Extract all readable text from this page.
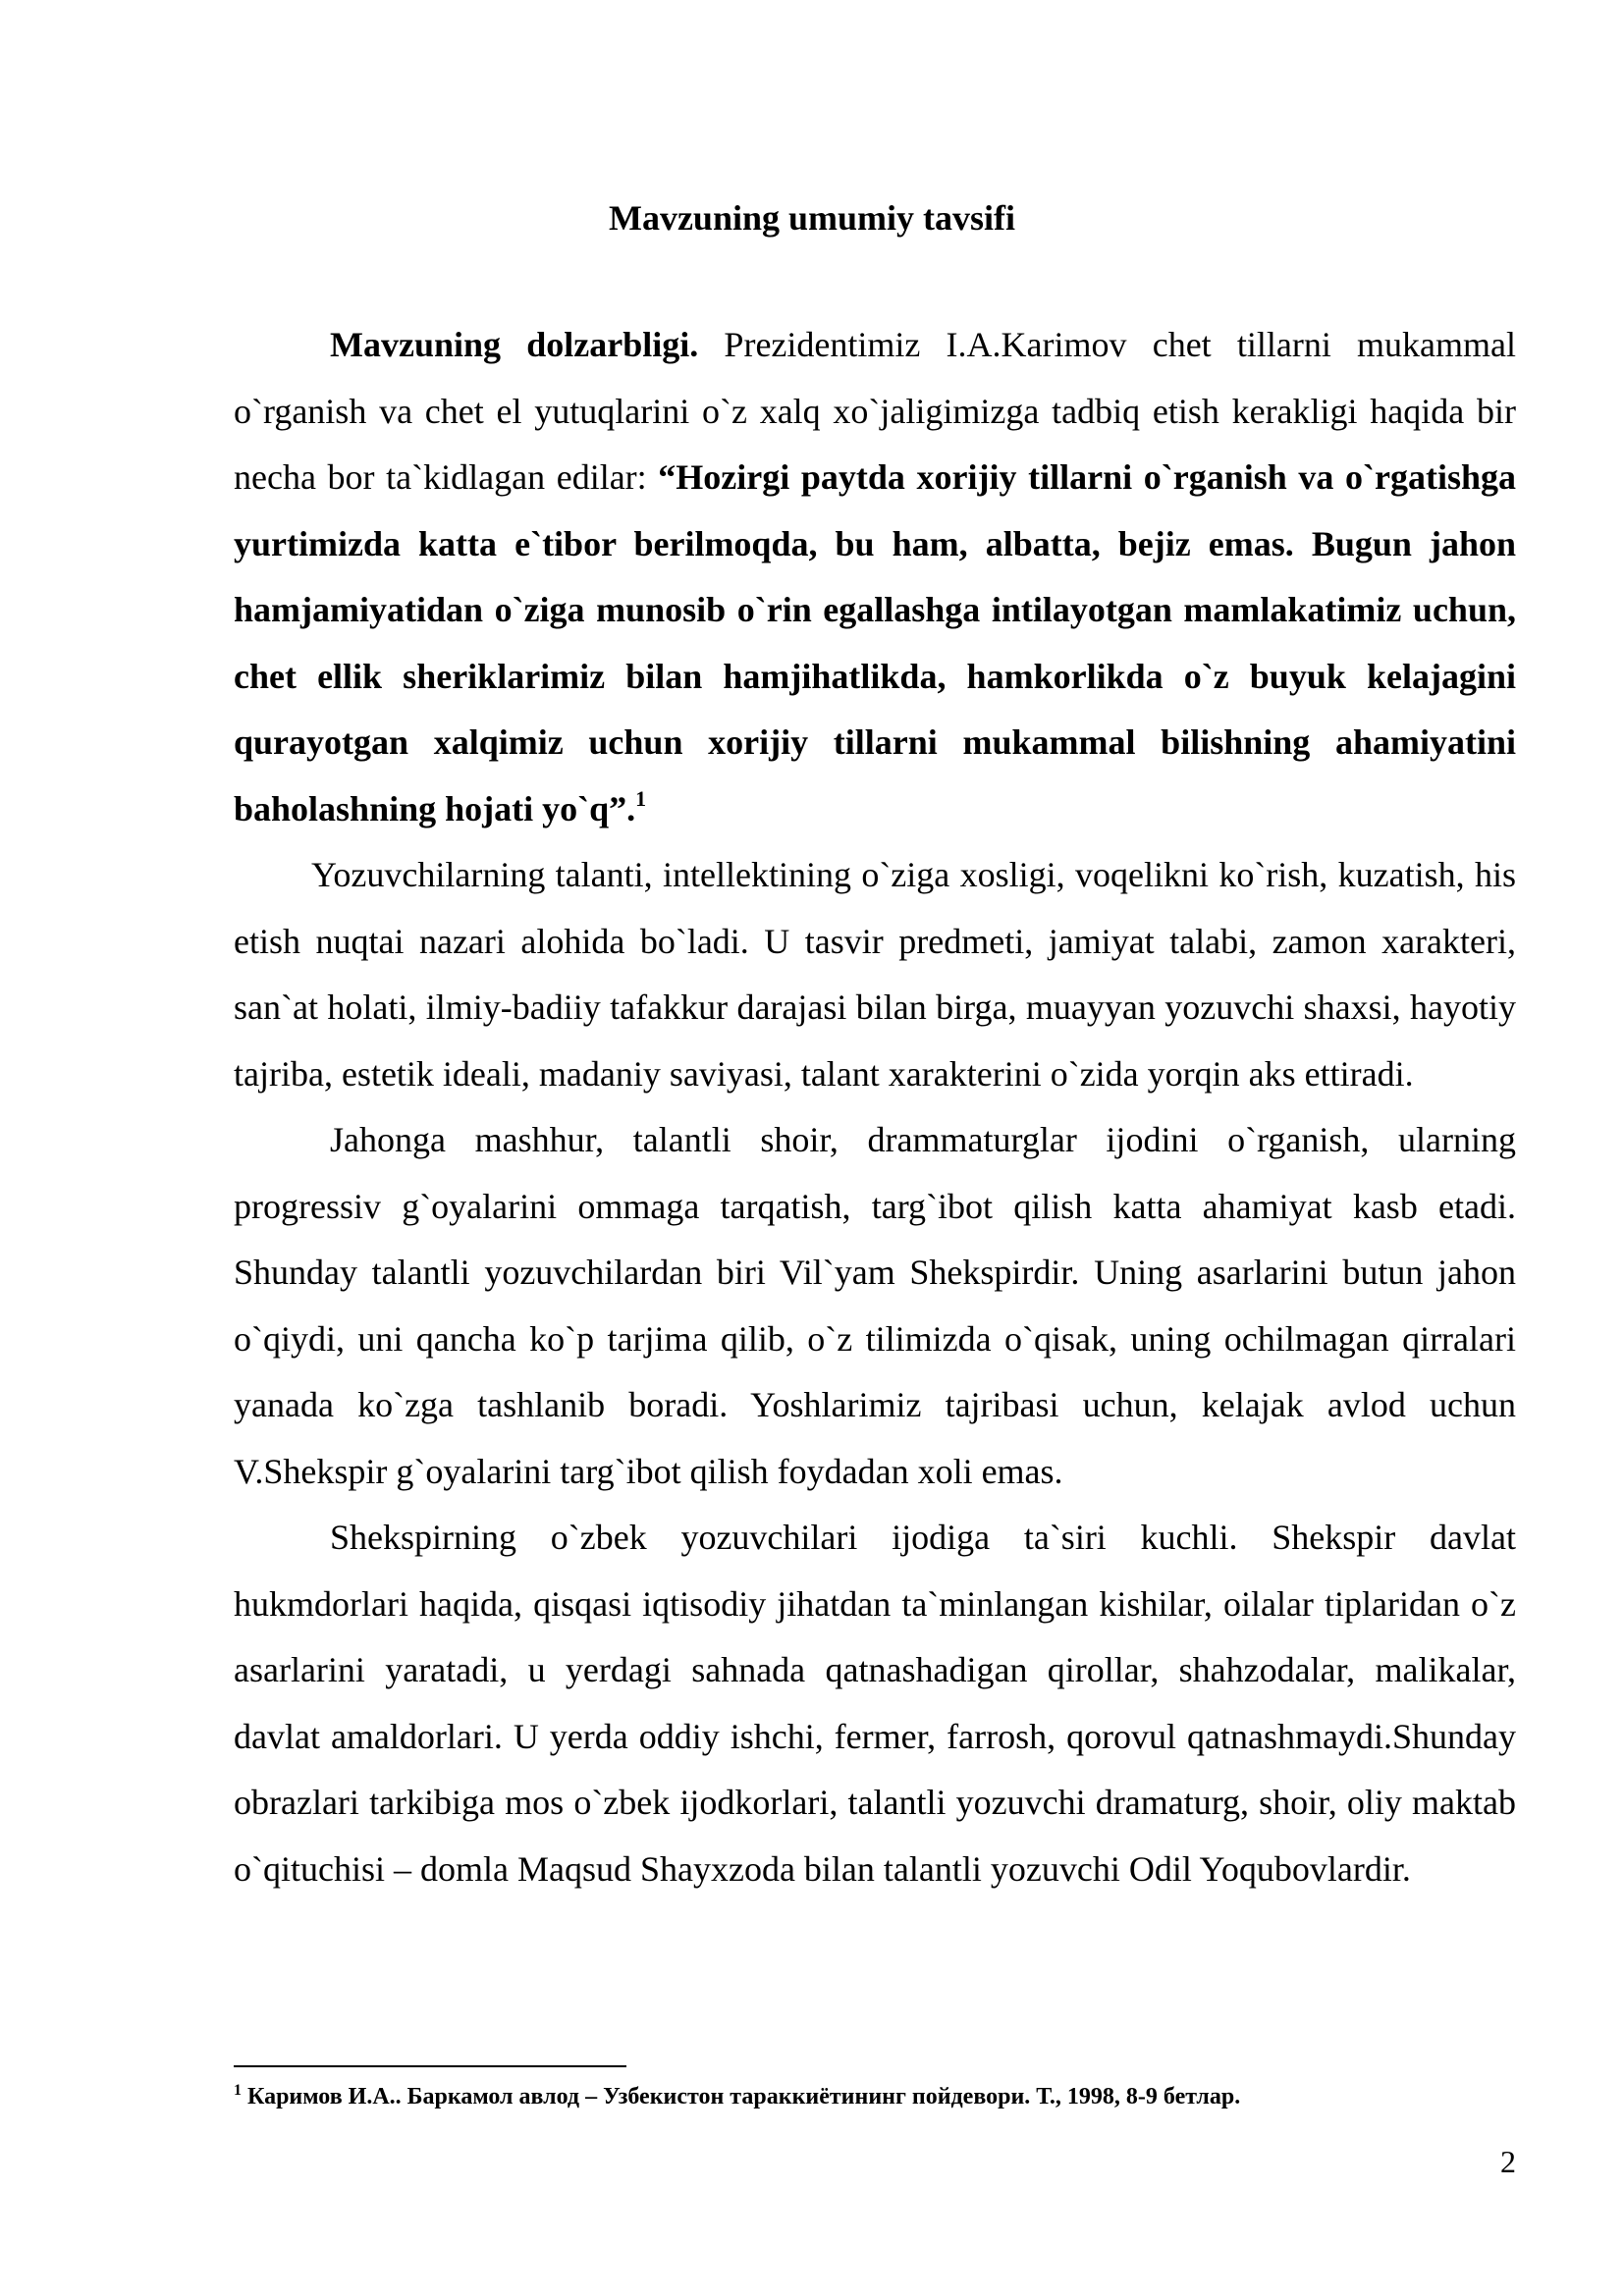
Mavzuning umumiy tavsifi

Mavzuning dolzarbligi. Prezidentimiz I.A.Karimov chet tillarni mukammal o`rganish va chet el yutuqlarini o`z xalq xo`jaligimizga tadbiq etish kerakligi haqida bir necha bor ta`kidlagan edilar: “Hozirgi paytda xorijiy tillarni o`rganish va o`rgatishga yurtimizda katta e`tibor berilmoqda, bu ham, albatta, bejiz emas. Bugun jahon hamjamiyatidan o`ziga munosib o`rin egallashga intilayotgan mamlakatimiz uchun, chet ellik sheriklarimiz bilan hamjihatlikda, hamkorlikda o`z buyuk kelajagini qurayotgan xalqimiz uchun xorijiy tillarni mukammal bilishning ahamiyatini baholashning hojati yo`q”.$^1$

Yozuvchilarning talanti, intellektining o`ziga xosligi, voqelikni ko`rish, kuzatish, his etish nuqtai nazari alohida bo`ladi. U tasvir predmeti, jamiyat talabi, zamon xarakteri, san`at holati, ilmiy-badiiy tafakkur darajasi bilan birga, muayyan yozuvchi shaxsi, hayotiy tajriba, estetik ideali, madaniy saviyasi, talant xarakterini o`zida yorqin aks ettiradi.

Jahonga mashhur, talantli shoir, drammaturglar ijodini o`rganish, ularning progressiv g`oyalarini ommaga tarqatish, targ`ibot qilish katta ahamiyat kasb etadi. Shunday talantli yozuvchilardan biri Vil`yam Shekspirdir. Uning asarlarini butun jahon o`qiydi, uni qancha ko`p tarjima qilib, o`z tilimizda o`qisak, uning ochilmagan qirralari yanada ko`zga tashlanib boradi. Yoshlarimiz tajribasi uchun, kelajak avlod uchun V.Shekspir g`oyalarini targ`ibot qilish foydadan xoli emas.

Shekspirning o`zbek yozuvchilari ijodiga ta`siri kuchli. Shekspir davlat hukmdorlari haqida, qisqasi iqtisodiy jihatdan ta`minlangan kishilar, oilalar tiplaridan o`z asarlarini yaratadi, u yerdagi sahnada qatnashadigan qirollar, shahzodalar, malikalar, davlat amaldorlari. U yerda oddiy ishchi, fermer, farrosh, qorovul qatnashmaydi.Shunday obrazlari tarkibiga mos o`zbek ijodkorlari, talantli yozuvchi dramaturg, shoir, oliy maktab o`qituchisi – domla Maqsud Shayxzoda bilan talantli yozuvchi Odil Yoqubovlardir.

$^1$ Каримов И.А.. Баркамол авлод – Узбекистон тараккиётининг пойдевори. Т., 1998, 8-9 бетлар.
2
